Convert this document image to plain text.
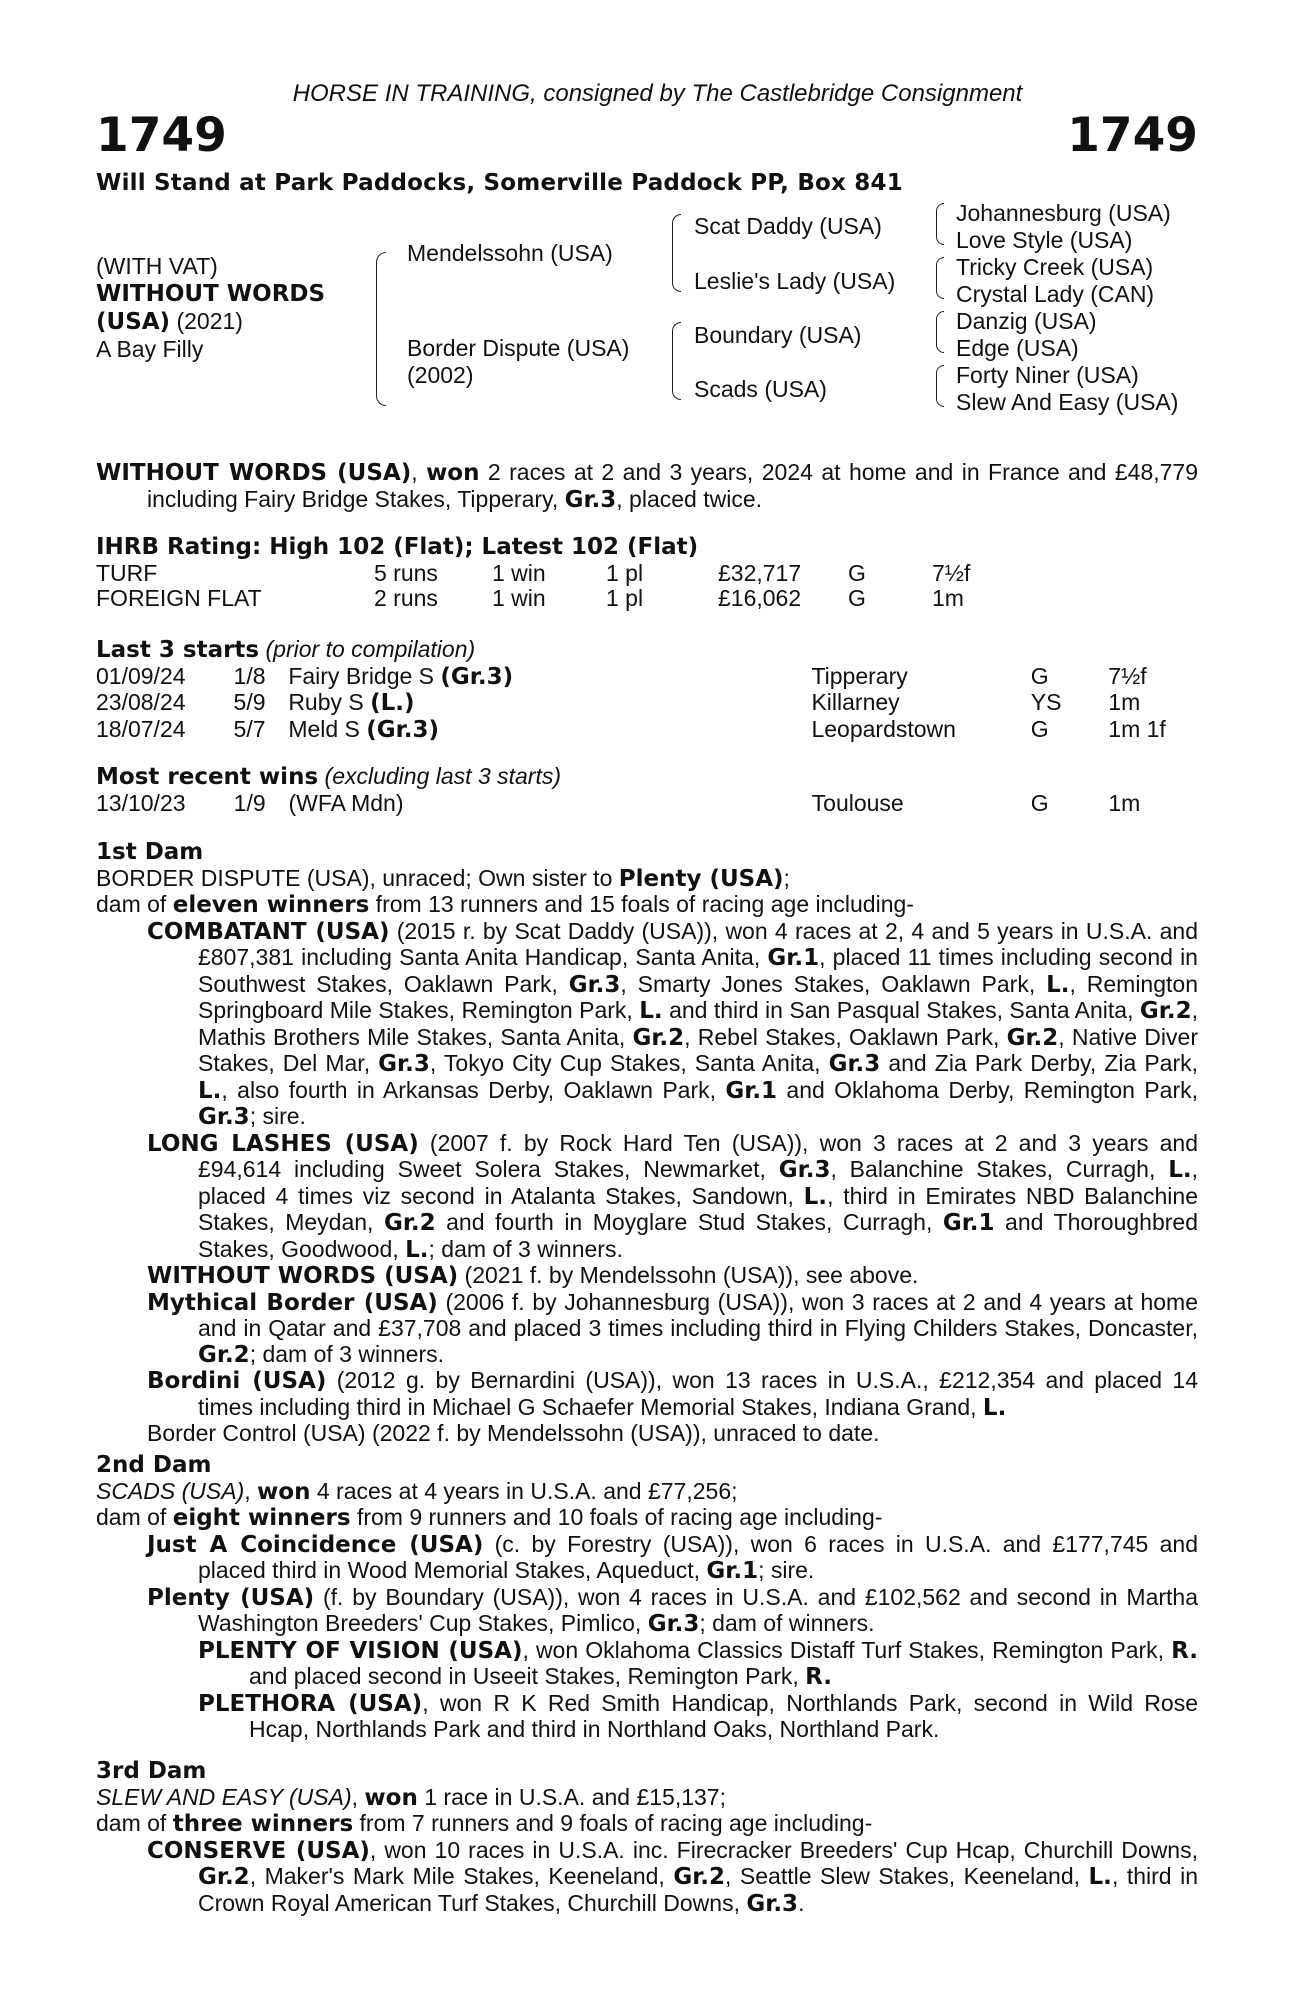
HORSE IN TRAINING, consigned by The Castlebridge Consignment
1749	1749
Will Stand at Park Paddocks, Somerville Paddock PP, Box 841
(WITH VAT)
WITHOUT WORDS
(USA) (2021)
A Bay Filly
Mendelssohn (USA)
Border Dispute (USA)
(2002)
Scat Daddy (USA)
Leslie's Lady (USA)
Boundary (USA)
Scads (USA)
Johannesburg (USA)
Love Style (USA)
Tricky Creek (USA)
Crystal Lady (CAN)
Danzig (USA)
Edge (USA)
Forty Niner (USA)
Slew And Easy (USA)

WITHOUT WORDS (USA), won 2 races at 2 and 3 years, 2024 at home and in France and £48,779 including Fairy Bridge Stakes, Tipperary, Gr.3, placed twice.

IHRB Rating: High 102 (Flat); Latest 102 (Flat)
TURF	5 runs	1 win	1 pl	£32,717	G	7½f
FOREIGN FLAT	2 runs	1 win	1 pl	£16,062	G	1m
Last 3 starts (prior to compilation)
01/09/24	1/8	Fairy Bridge S (Gr.3)	Tipperary	G	7½f
23/08/24	5/9	Ruby S (L.)	Killarney	YS	1m
18/07/24	5/7	Meld S (Gr.3)	Leopardstown	G	1m 1f
Most recent wins (excluding last 3 starts)
13/10/23	1/9	(WFA Mdn)	Toulouse	G	1m
1st Dam

BORDER DISPUTE (USA), unraced; Own sister to Plenty (USA);

dam of eleven winners from 13 runners and 15 foals of racing age including-

COMBATANT (USA) (2015 r. by Scat Daddy (USA)), won 4 races at 2, 4 and 5 years in U.S.A. and £807,381 including Santa Anita Handicap, Santa Anita, Gr.1, placed 11 times including second in Southwest Stakes, Oaklawn Park, Gr.3, Smarty Jones Stakes, Oaklawn Park, L., Remington Springboard Mile Stakes, Remington Park, L. and third in San Pasqual Stakes, Santa Anita, Gr.2, Mathis Brothers Mile Stakes, Santa Anita, Gr.2, Rebel Stakes, Oaklawn Park, Gr.2, Native Diver Stakes, Del Mar, Gr.3, Tokyo City Cup Stakes, Santa Anita, Gr.3 and Zia Park Derby, Zia Park, L., also fourth in Arkansas Derby, Oaklawn Park, Gr.1 and Oklahoma Derby, Remington Park, Gr.3; sire.

LONG LASHES (USA) (2007 f. by Rock Hard Ten (USA)), won 3 races at 2 and 3 years and £94,614 including Sweet Solera Stakes, Newmarket, Gr.3, Balanchine Stakes, Curragh, L., placed 4 times viz second in Atalanta Stakes, Sandown, L., third in Emirates NBD Balanchine Stakes, Meydan, Gr.2 and fourth in Moyglare Stud Stakes, Curragh, Gr.1 and Thoroughbred Stakes, Goodwood, L.; dam of 3 winners.

WITHOUT WORDS (USA) (2021 f. by Mendelssohn (USA)), see above.

Mythical Border (USA) (2006 f. by Johannesburg (USA)), won 3 races at 2 and 4 years at home and in Qatar and £37,708 and placed 3 times including third in Flying Childers Stakes, Doncaster, Gr.2; dam of 3 winners.

Bordini (USA) (2012 g. by Bernardini (USA)), won 13 races in U.S.A., £212,354 and placed 14 times including third in Michael G Schaefer Memorial Stakes, Indiana Grand, L.

Border Control (USA) (2022 f. by Mendelssohn (USA)), unraced to date.

2nd Dam

SCADS (USA), won 4 races at 4 years in U.S.A. and £77,256;

dam of eight winners from 9 runners and 10 foals of racing age including-

Just A Coincidence (USA) (c. by Forestry (USA)), won 6 races in U.S.A. and £177,745 and placed third in Wood Memorial Stakes, Aqueduct, Gr.1; sire.

Plenty (USA) (f. by Boundary (USA)), won 4 races in U.S.A. and £102,562 and second in Martha Washington Breeders' Cup Stakes, Pimlico, Gr.3; dam of winners.

PLENTY OF VISION (USA), won Oklahoma Classics Distaff Turf Stakes, Remington Park, R. and placed second in Useeit Stakes, Remington Park, R.

PLETHORA (USA), won R K Red Smith Handicap, Northlands Park, second in Wild Rose Hcap, Northlands Park and third in Northland Oaks, Northland Park.

3rd Dam

SLEW AND EASY (USA), won 1 race in U.S.A. and £15,137;

dam of three winners from 7 runners and 9 foals of racing age including-

CONSERVE (USA), won 10 races in U.S.A. inc. Firecracker Breeders' Cup Hcap, Churchill Downs, Gr.2, Maker's Mark Mile Stakes, Keeneland, Gr.2, Seattle Slew Stakes, Keeneland, L., third in Crown Royal American Turf Stakes, Churchill Downs, Gr.3.
